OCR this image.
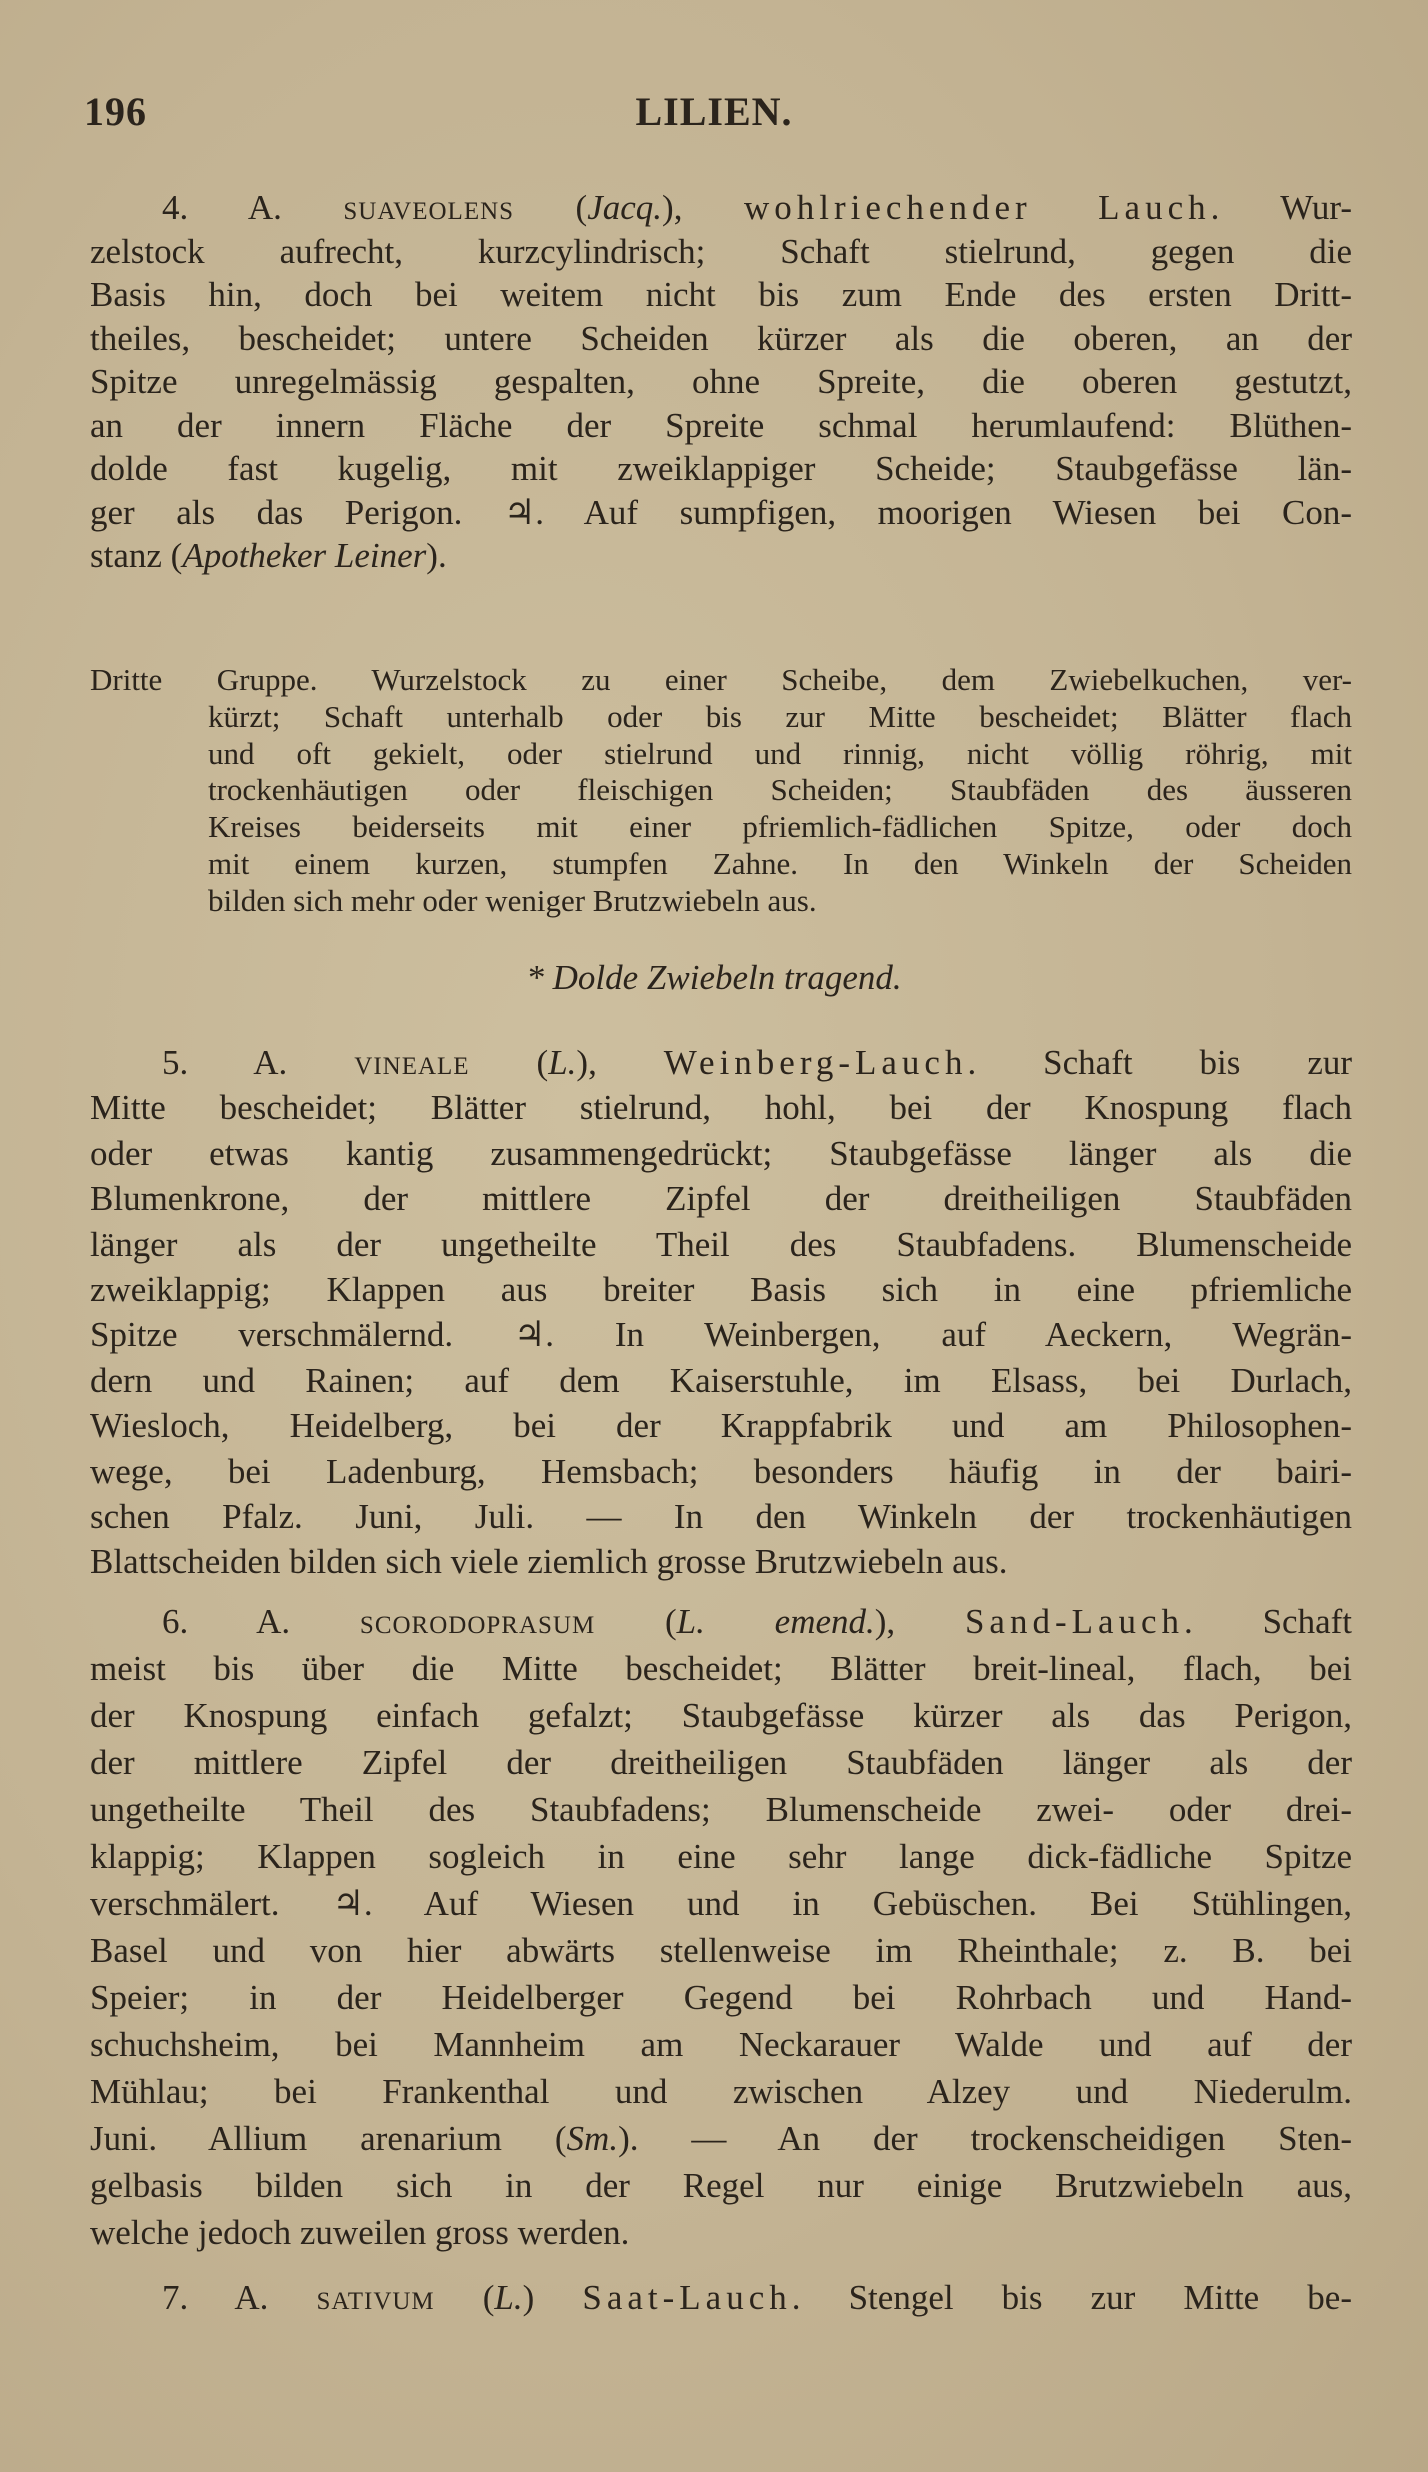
196	LILIEN.
4. A. suaveolens (Jacq.), wohlriechender Lauch. Wur-
zelstock aufrecht, kurzcylindrisch; Schaft stielrund, gegen die
Basis hin, doch bei weitem nicht bis zum Ende des ersten Dritt-
theiles, bescheidet; untere Scheiden kürzer als die oberen, an der
Spitze unregelmässig gespalten, ohne Spreite, die oberen gestutzt,
an der innern Fläche der Spreite schmal herumlaufend: Blüthen-
dolde fast kugelig, mit zweiklappiger Scheide; Staubgefässe län-
ger als das Perigon. ♃. Auf sumpfigen, moorigen Wiesen bei Con-
stanz (Apotheker Leiner).
Dritte Gruppe. Wurzelstock zu einer Scheibe, dem Zwiebelkuchen, ver-
kürzt; Schaft unterhalb oder bis zur Mitte bescheidet; Blätter flach
und oft gekielt, oder stielrund und rinnig, nicht völlig röhrig, mit
trockenhäutigen oder fleischigen Scheiden; Staubfäden des äusseren
Kreises beiderseits mit einer pfriemlich-fädlichen Spitze, oder doch
mit einem kurzen, stumpfen Zahne. In den Winkeln der Scheiden
bilden sich mehr oder weniger Brutzwiebeln aus.
* Dolde Zwiebeln tragend.
5. A. vineale (L.), Weinberg-Lauch. Schaft bis zur
Mitte bescheidet; Blätter stielrund, hohl, bei der Knospung flach
oder etwas kantig zusammengedrückt; Staubgefässe länger als die
Blumenkrone, der mittlere Zipfel der dreitheiligen Staubfäden
länger als der ungetheilte Theil des Staubfadens. Blumenscheide
zweiklappig; Klappen aus breiter Basis sich in eine pfriemliche
Spitze verschmälernd. ♃. In Weinbergen, auf Aeckern, Wegrän-
dern und Rainen; auf dem Kaiserstuhle, im Elsass, bei Durlach,
Wiesloch, Heidelberg, bei der Krappfabrik und am Philosophen-
wege, bei Ladenburg, Hemsbach; besonders häufig in der bairi-
schen Pfalz. Juni, Juli. — In den Winkeln der trockenhäutigen
Blattscheiden bilden sich viele ziemlich grosse Brutzwiebeln aus.
6. A. scorodoprasum (L. emend.), Sand-Lauch. Schaft
meist bis über die Mitte bescheidet; Blätter breit-lineal, flach, bei
der Knospung einfach gefalzt; Staubgefässe kürzer als das Perigon,
der mittlere Zipfel der dreitheiligen Staubfäden länger als der
ungetheilte Theil des Staubfadens; Blumenscheide zwei- oder drei-
klappig; Klappen sogleich in eine sehr lange dick-fädliche Spitze
verschmälert. ♃. Auf Wiesen und in Gebüschen. Bei Stühlingen,
Basel und von hier abwärts stellenweise im Rheinthale; z. B. bei
Speier; in der Heidelberger Gegend bei Rohrbach und Hand-
schuchsheim, bei Mannheim am Neckarauer Walde und auf der
Mühlau; bei Frankenthal und zwischen Alzey und Niederulm.
Juni. Allium arenarium (Sm.). — An der trockenscheidigen Sten-
gelbasis bilden sich in der Regel nur einige Brutzwiebeln aus,
welche jedoch zuweilen gross werden.
7. A. sativum (L.) Saat-Lauch. Stengel bis zur Mitte be-
